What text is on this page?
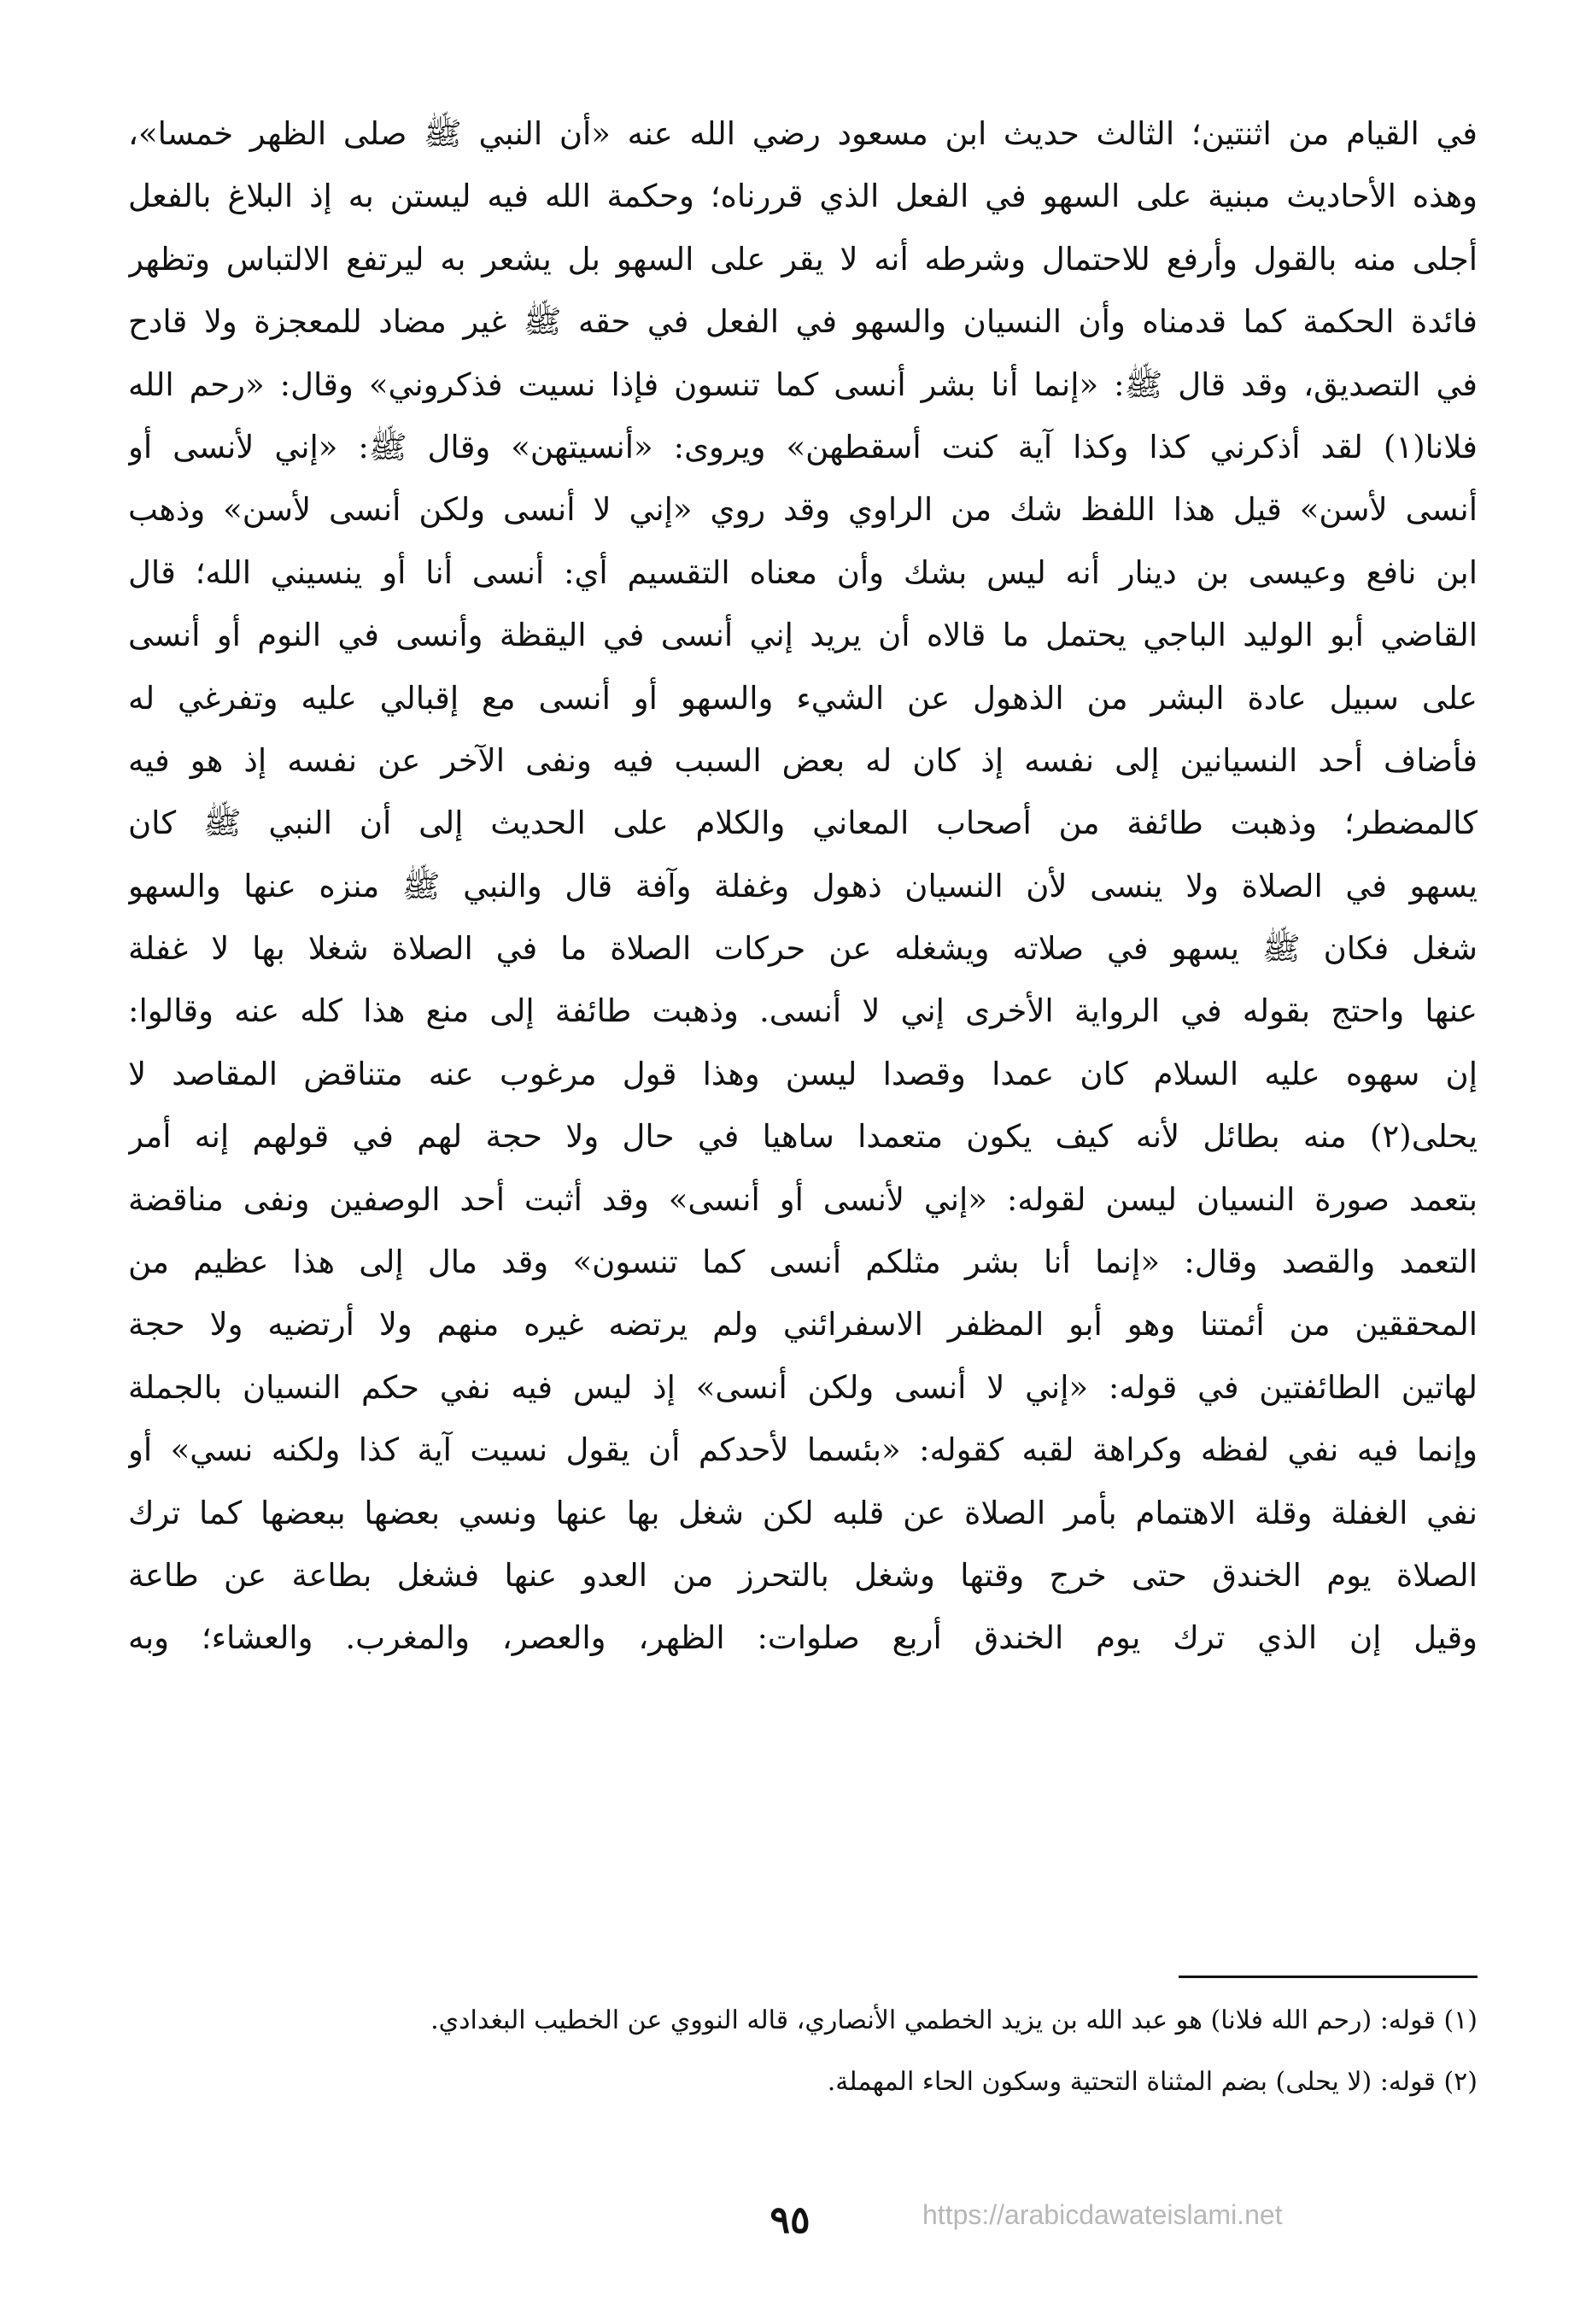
في القيام من اثنتين؛ الثالث حديث ابن مسعود رضي الله عنه «أن النبي ﷺ صلى الظهر خمسا»،
وهذه الأحاديث مبنية على السهو في الفعل الذي قررناه؛ وحكمة الله فيه ليستن به إذ البلاغ بالفعل
أجلى منه بالقول وأرفع للاحتمال وشرطه أنه لا يقر على السهو بل يشعر به ليرتفع الالتباس وتظهر
فائدة الحكمة كما قدمناه وأن النسيان والسهو في الفعل في حقه ﷺ غير مضاد للمعجزة ولا قادح
في التصديق، وقد قال ﷺ: «إنما أنا بشر أنسى كما تنسون فإذا نسيت فذكروني» وقال: «رحم الله
فلانا(١) لقد أذكرني كذا وكذا آية كنت أسقطهن» ويروى: «أنسيتهن» وقال ﷺ: «إني لأنسى أو
أنسى لأسن» قيل هذا اللفظ شك من الراوي وقد روي «إني لا أنسى ولكن أنسى لأسن» وذهب
ابن نافع وعيسى بن دينار أنه ليس بشك وأن معناه التقسيم أي: أنسى أنا أو ينسيني الله؛ قال
القاضي أبو الوليد الباجي يحتمل ما قالاه أن يريد إني أنسى في اليقظة وأنسى في النوم أو أنسى
على سبيل عادة البشر من الذهول عن الشيء والسهو أو أنسى مع إقبالي عليه وتفرغي له
فأضاف أحد النسيانين إلى نفسه إذ كان له بعض السبب فيه ونفى الآخر عن نفسه إذ هو فيه
كالمضطر؛ وذهبت طائفة من أصحاب المعاني والكلام على الحديث إلى أن النبي ﷺ كان
يسهو في الصلاة ولا ينسى لأن النسيان ذهول وغفلة وآفة قال والنبي ﷺ منزه عنها والسهو
شغل فكان ﷺ يسهو في صلاته ويشغله عن حركات الصلاة ما في الصلاة شغلا بها لا غفلة
عنها واحتج بقوله في الرواية الأخرى إني لا أنسى. وذهبت طائفة إلى منع هذا كله عنه وقالوا:
إن سهوه عليه السلام كان عمدا وقصدا ليسن وهذا قول مرغوب عنه متناقض المقاصد لا
يحلى(٢) منه بطائل لأنه كيف يكون متعمدا ساهيا في حال ولا حجة لهم في قولهم إنه أمر
بتعمد صورة النسيان ليسن لقوله: «إني لأنسى أو أنسى» وقد أثبت أحد الوصفين ونفى مناقضة
التعمد والقصد وقال: «إنما أنا بشر مثلكم أنسى كما تنسون» وقد مال إلى هذا عظيم من
المحققين من أئمتنا وهو أبو المظفر الاسفرائني ولم يرتضه غيره منهم ولا أرتضيه ولا حجة
لهاتين الطائفتين في قوله: «إني لا أنسى ولكن أنسى» إذ ليس فيه نفي حكم النسيان بالجملة
وإنما فيه نفي لفظه وكراهة لقبه كقوله: «بئسما لأحدكم أن يقول نسيت آية كذا ولكنه نسي» أو
نفي الغفلة وقلة الاهتمام بأمر الصلاة عن قلبه لكن شغل بها عنها ونسي بعضها ببعضها كما ترك
الصلاة يوم الخندق حتى خرج وقتها وشغل بالتحرز من العدو عنها فشغل بطاعة عن طاعة
وقيل إن الذي ترك يوم الخندق أربع صلوات: الظهر، والعصر، والمغرب. والعشاء؛ وبه
(١) قوله: (رحم الله فلانا) هو عبد الله بن يزيد الخطمي الأنصاري، قاله النووي عن الخطيب البغدادي.
(٢) قوله: (لا يحلى) بضم المثناة التحتية وسكون الحاء المهملة.
٩٥	https://arabicdawateislami.net
